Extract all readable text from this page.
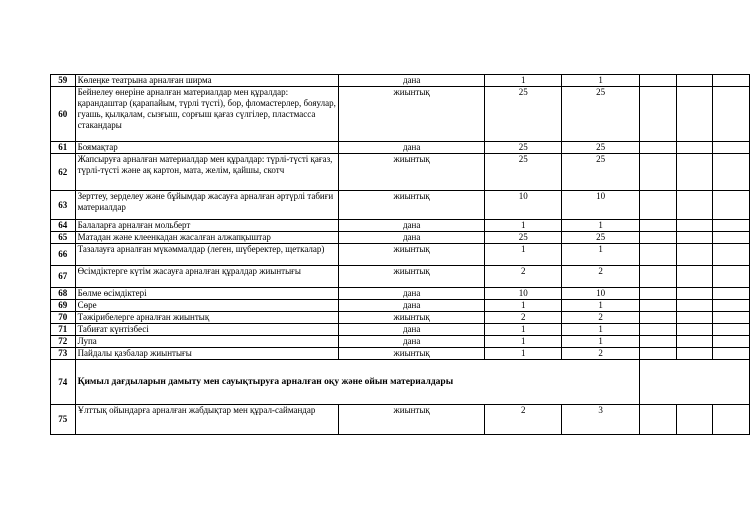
59	Көлеңке театрына арналған ширма	дана	1	1			
60	Бейнелеу өнеріне арналған материалдар мен құралдар: қарандаштар (қарапайым, түрлі түсті), бор, фломастерлер, бояулар, гуашь, қылқалам, сызғыш, сорғыш қағаз сүлгілер, пластмасса стакандары	жиынтық	25	25			
61	Боямақтар	дана	25	25			
62	Жапсыруға арналған материалдар мен құралдар: түрлі-түсті қағаз, түрлі-түсті және ақ картон, мата, желім, қайшы, скотч	жиынтық	25	25			
63	Зерттеу, зерделеу және бұйымдар жасауға арналған әртүрлі табиғи материалдар	жиынтық	10	10			
64	Балаларға арналған мольберт	дана	1	1			
65	Матадан және клеенкадан жасалған алжапқыштар	дана	25	25			
66	Тазалауға арналған мүкәммалдар (леген, шүберектер, щеткалар)	жиынтық	1	1			
67	Өсімдіктерге күтім жасауға арналған құралдар жиынтығы	жиынтық	2	2			
68	Бөлме өсімдіктері	дана	10	10			
69	Сөре	дана	1	1			
70	Тәжірибелерге арналған жиынтық	жиынтық	2	2			
71	Табиғат күнтізбесі	дана	1	1			
72	Лупа	дана	1	1			
73	Пайдалы қазбалар жиынтығы	жиынтық	1	2			
74	Қимыл дағдыларын дамыту мен сауықтыруға арналған оқу және ойын материалдары						
75	Ұлттық ойындарға арналған жабдықтар мен құрал-саймандар	жиынтық	2	3			
